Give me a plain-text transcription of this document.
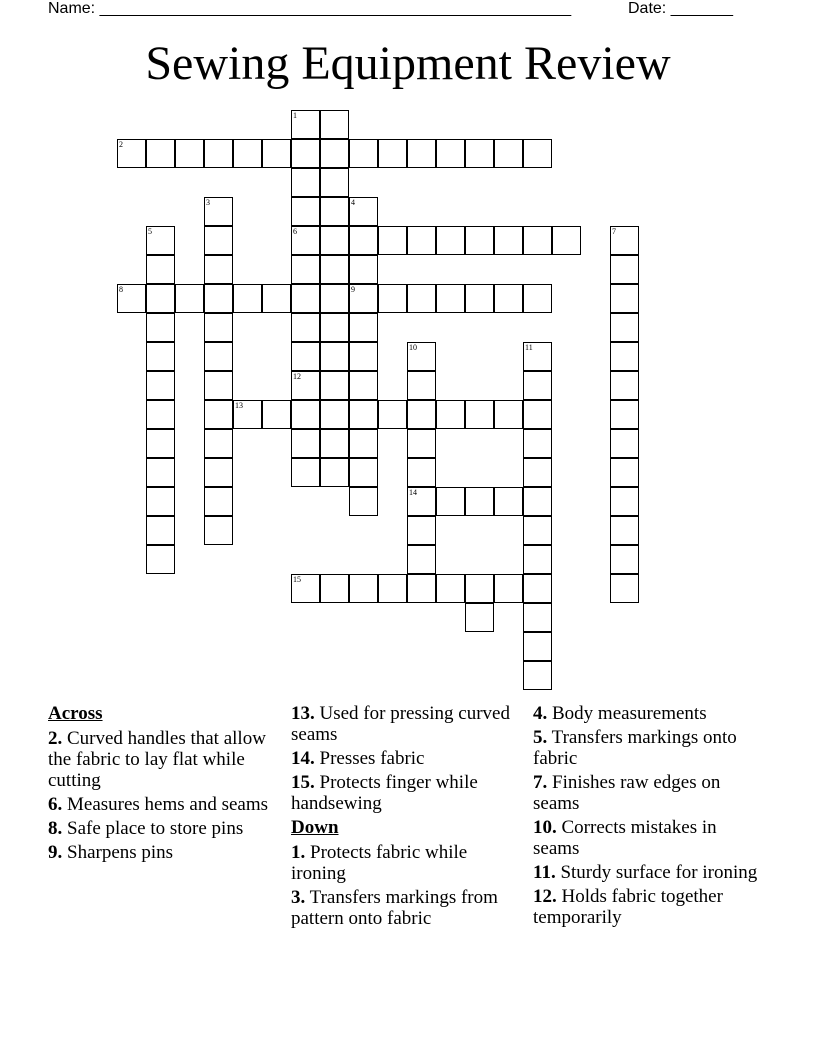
Name: _____________________________________________________	Date: _______
Sewing Equipment Review
1
2
3	4
5	6	7
8	9
10	11
12
13
14
15
Across
2. Curved handles that allow the fabric to lay flat while cutting
6. Measures hems and seams
8. Safe place to store pins
9. Sharpens pins
13. Used for pressing curved seams
14. Presses fabric
15. Protects finger while handsewing
Down
1. Protects fabric while ironing
3. Transfers markings from pattern onto fabric
4. Body measurements
5. Transfers markings onto fabric
7. Finishes raw edges on seams
10. Corrects mistakes in seams
11. Sturdy surface for ironing
12. Holds fabric together temporarily
